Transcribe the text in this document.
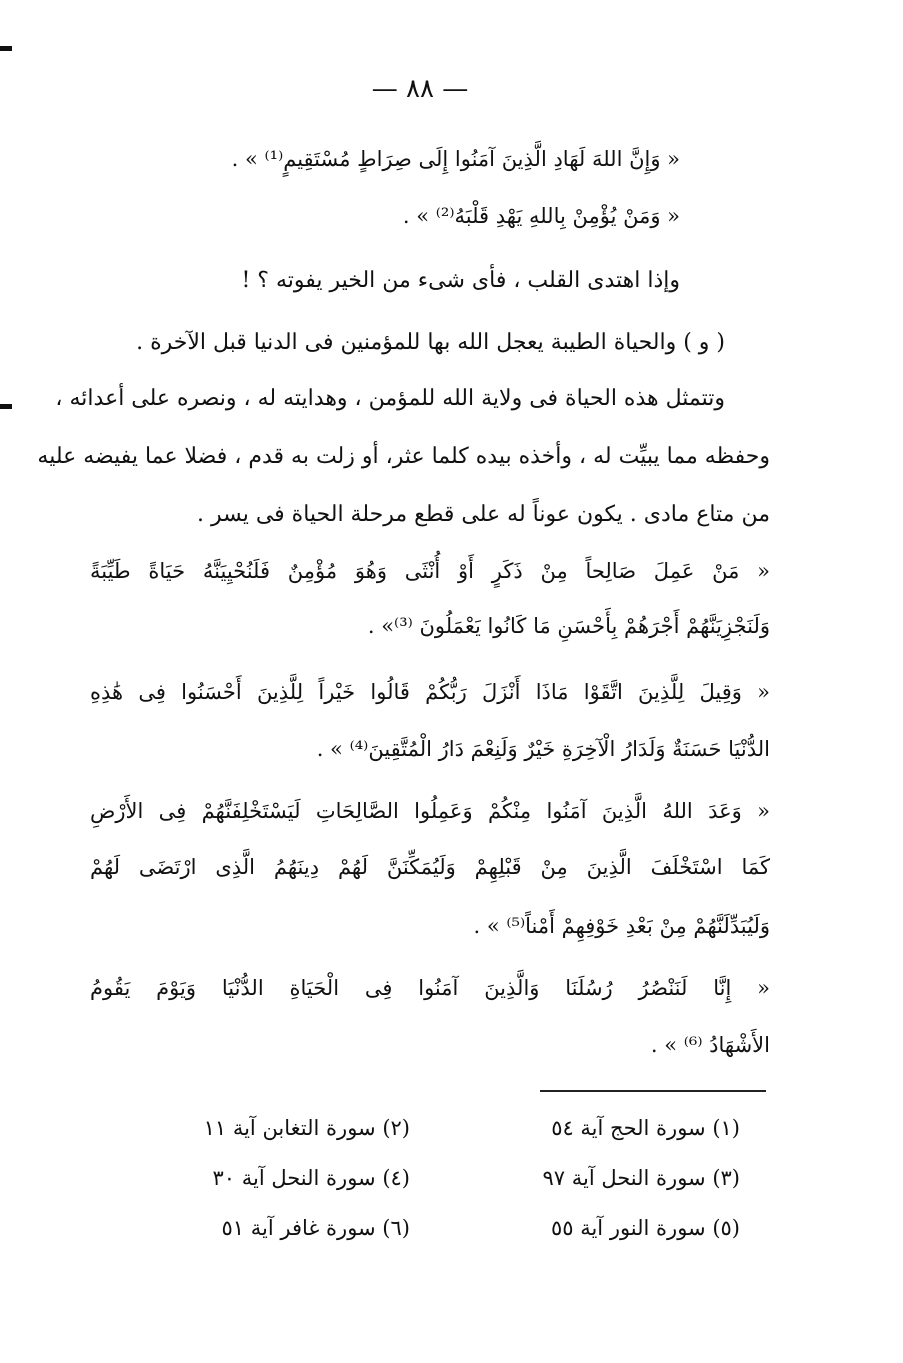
— ٨٨ —
« وَإِنَّ اللهَ لَهَادِ الَّذِينَ آمَنُوا إِلَى صِرَاطٍ مُسْتَقِيمٍ⁽¹⁾ » .
« وَمَنْ يُؤْمِنْ بِاللهِ يَهْدِ قَلْبَهُ⁽²⁾ » .
وإذا اهتدى القلب ، فأى شىء من الخير يفوته ؟ !
( و ) والحياة الطيبة يعجل الله بها للمؤمنين فى الدنيا قبل الآخرة .
وتتمثل هذه الحياة فى ولاية الله للمؤمن ، وهدايته له ، ونصره على أعدائه ،
وحفظه مما يبيِّت له ، وأخذه بيده كلما عثر، أو زلت به قدم ، فضلا عما يفيضه عليه
من متاع مادى . يكون عوناً له على قطع مرحلة الحياة فى يسر .
« مَنْ عَمِلَ صَالِحاً مِنْ ذَكَرٍ أَوْ أُنْثَى وَهُوَ مُؤْمِنٌ فَلَنُحْيِيَنَّهُ حَيَاةً طَيِّبَةً
وَلَنَجْزِيَنَّهُمْ أَجْرَهُمْ بِأَحْسَنِ مَا كَانُوا يَعْمَلُونَ ⁽³⁾» .
« وَقِيلَ لِلَّذِينَ اتَّقَوْا مَاذَا أَنْزَلَ رَبُّكُمْ قَالُوا خَيْراً لِلَّذِينَ أَحْسَنُوا فِى هَٰذِهِ
الدُّنْيَا حَسَنَةٌ وَلَدَارُ الْآخِرَةِ خَيْرٌ وَلَنِعْمَ دَارُ الْمُتَّقِينَ⁽⁴⁾ » .
« وَعَدَ اللهُ الَّذِينَ آمَنُوا مِنْكُمْ وَعَمِلُوا الصَّالِحَاتِ لَيَسْتَخْلِفَنَّهُمْ فِى الأَرْضِ
كَمَا اسْتَخْلَفَ الَّذِينَ مِنْ قَبْلِهِمْ وَلَيُمَكِّنَنَّ لَهُمْ دِينَهُمُ الَّذِى ارْتَضَى لَهُمْ
وَلَيُبَدِّلَنَّهُمْ مِنْ بَعْدِ خَوْفِهِمْ أَمْناً⁽⁵⁾ » .
« إِنَّا لَنَنْصُرُ رُسُلَنَا وَالَّذِينَ آمَنُوا فِى الْحَيَاةِ الدُّنْيَا وَيَوْمَ يَقُومُ
الأَشْهَادُ ⁽⁶⁾ » .
(١) سورة الحج آية ٥٤
(٢) سورة التغابن آية ١١
(٣) سورة النحل آية ٩٧
(٤) سورة النحل آية ٣٠
(٥) سورة النور آية ٥٥
(٦) سورة غافر آية ٥١
